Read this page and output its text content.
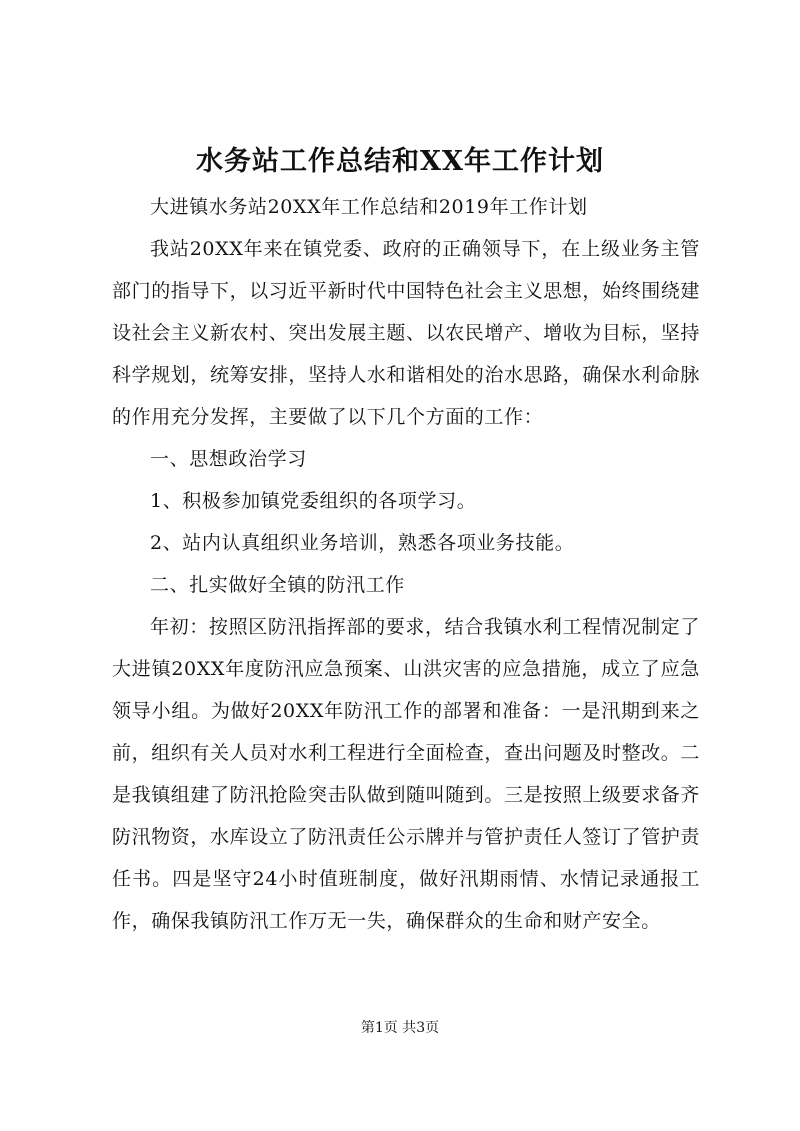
水务站工作总结和XX年工作计划

大进镇水务站20XX年工作总结和2019年工作计划

我站20XX年来在镇党委、政府的正确领导下，在上级业务主管部门的指导下，以习近平新时代中国特色社会主义思想，始终围绕建设社会主义新农村、突出发展主题、以农民增产、增收为目标，坚持科学规划，统筹安排，坚持人水和谐相处的治水思路，确保水利命脉的作用充分发挥，主要做了以下几个方面的工作：

一、思想政治学习

1、积极参加镇党委组织的各项学习。

2、站内认真组织业务培训，熟悉各项业务技能。

二、扎实做好全镇的防汛工作

年初：按照区防汛指挥部的要求，结合我镇水利工程情况制定了大进镇20XX年度防汛应急预案、山洪灾害的应急措施，成立了应急领导小组。为做好20XX年防汛工作的部署和准备：一是汛期到来之前，组织有关人员对水利工程进行全面检查，查出问题及时整改。二是我镇组建了防汛抢险突击队做到随叫随到。三是按照上级要求备齐防汛物资，水库设立了防汛责任公示牌并与管护责任人签订了管护责任书。四是坚守24小时值班制度，做好汛期雨情、水情记录通报工作，确保我镇防汛工作万无一失，确保群众的生命和财产安全。

第1页 共3页
